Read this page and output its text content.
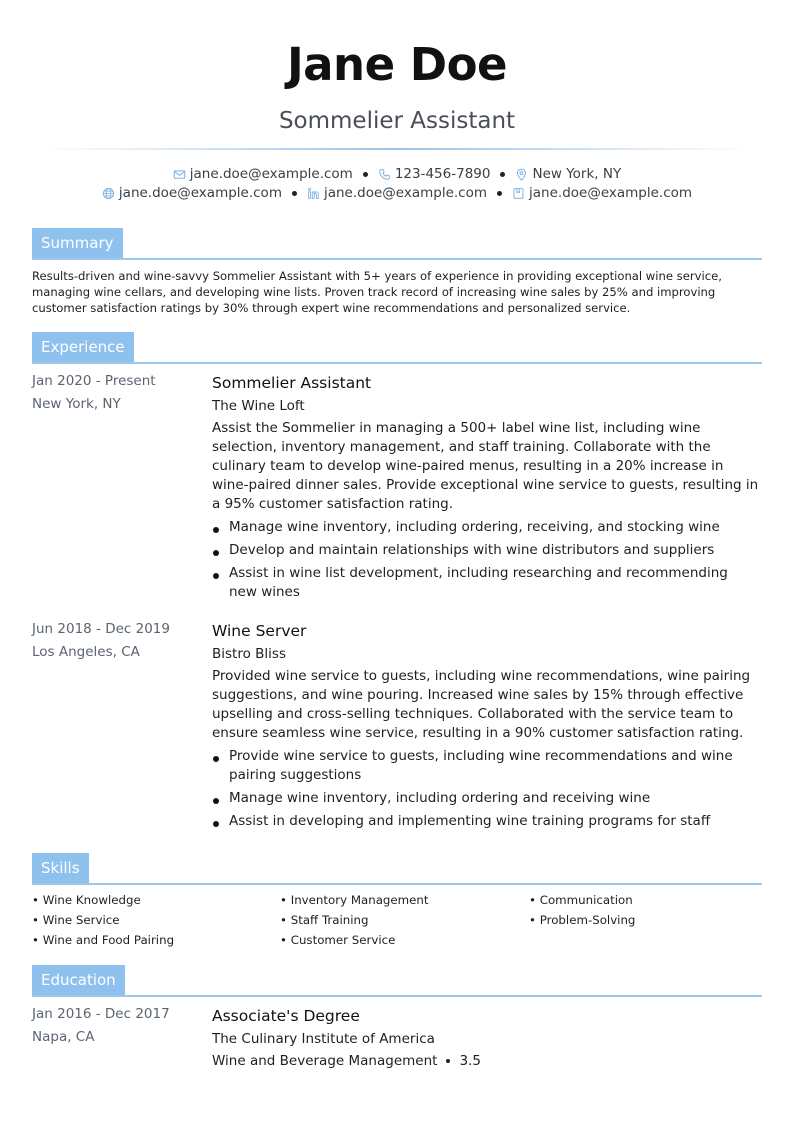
Jane Doe
Sommelier Assistant
jane.doe@example.com	123-456-7890	New York, NY
jane.doe@example.com	jane.doe@example.com	jane.doe@example.com
Summary

Results-driven and wine-savvy Sommelier Assistant with 5+ years of experience in providing exceptional wine service, managing wine cellars, and developing wine lists. Proven track record of increasing wine sales by 25% and improving customer satisfaction ratings by 30% through expert wine recommendations and personalized service.

Experience
Jan 2020 - Present
New York, NY
Sommelier Assistant
The Wine Loft

Assist the Sommelier in managing a 500+ label wine list, including wine selection, inventory management, and staff training. Collaborate with the culinary team to develop wine-paired menus, resulting in a 20% increase in wine-paired dinner sales. Provide exceptional wine service to guests, resulting in a 95% customer satisfaction rating.

Manage wine inventory, including ordering, receiving, and stocking wine
Develop and maintain relationships with wine distributors and suppliers
Assist in wine list development, including researching and recommending new wines
Jun 2018 - Dec 2019
Los Angeles, CA
Wine Server
Bistro Bliss

Provided wine service to guests, including wine recommendations, wine pairing suggestions, and wine pouring. Increased wine sales by 15% through effective upselling and cross-selling techniques. Collaborated with the service team to ensure seamless wine service, resulting in a 90% customer satisfaction rating.

Provide wine service to guests, including wine recommendations and wine pairing suggestions
Manage wine inventory, including ordering and receiving wine
Assist in developing and implementing wine training programs for staff
Skills
• Wine Knowledge
• Wine Service
• Wine and Food Pairing
• Inventory Management
• Staff Training
• Customer Service
• Communication
• Problem-Solving
Education
Jan 2016 - Dec 2017
Napa, CA
Associate's Degree
The Culinary Institute of America
Wine and Beverage Management 3.5
